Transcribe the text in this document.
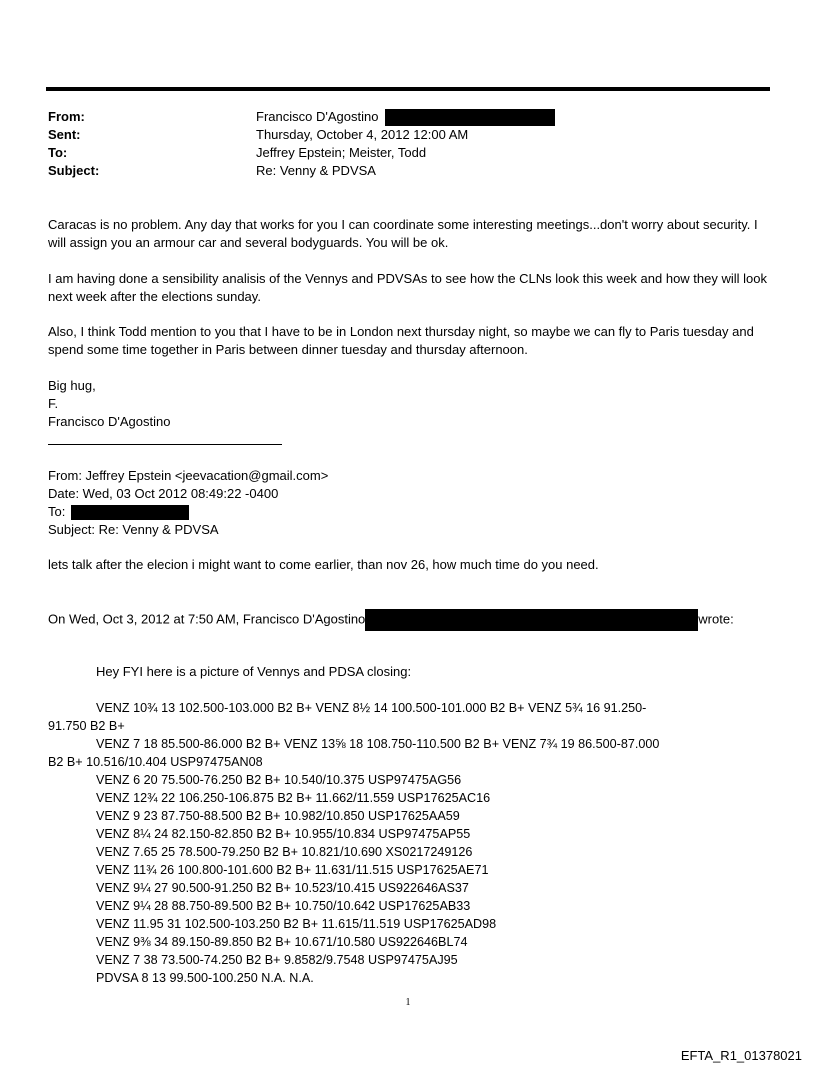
From:	Francisco D'Agostino
Sent:	Thursday, October 4, 2012 12:00 AM
To:	Jeffrey Epstein; Meister, Todd
Subject:	Re: Venny & PDVSA
Caracas is no problem. Any day that works for you I can coordinate some interesting meetings...don't worry about security. I will assign you an armour car and several bodyguards. You will be ok.
I am having done a sensibility analisis of the Vennys and PDVSAs to see how the CLNs look this week and how they will look next week after the elections sunday.
Also, I think Todd mention to you that I have to be in London next thursday night, so maybe we can fly to Paris tuesday and spend some time together in Paris between dinner tuesday and thursday afternoon.
Big hug,
F.
Francisco D'Agostino
From: Jeffrey Epstein <jeevacation@gmail.com>
Date: Wed, 03 Oct 2012 08:49:22 -0400
To:
Subject: Re: Venny & PDVSA
lets talk after the elecion i might want to come earlier, than nov 26, how much time do you need.
On Wed, Oct 3, 2012 at 7:50 AM, Francisco D'Agostino	wrote:
Hey FYI here is a picture of Vennys and PDSA closing:
VENZ 10¾ 13 102.500-103.000 B2 B+ VENZ 8½ 14 100.500-101.000 B2 B+ VENZ 5¾ 16 91.250-
91.750 B2 B+
VENZ 7 18 85.500-86.000 B2 B+ VENZ 13⅝ 18 108.750-110.500 B2 B+ VENZ 7¾ 19 86.500-87.000
B2 B+ 10.516/10.404 USP97475AN08
VENZ 6 20 75.500-76.250 B2 B+ 10.540/10.375 USP97475AG56
VENZ 12¾ 22 106.250-106.875 B2 B+ 11.662/11.559 USP17625AC16
VENZ 9 23 87.750-88.500 B2 B+ 10.982/10.850 USP17625AA59
VENZ 8¼ 24 82.150-82.850 B2 B+ 10.955/10.834 USP97475AP55
VENZ 7.65 25 78.500-79.250 B2 B+ 10.821/10.690 XS0217249126
VENZ 11¾ 26 100.800-101.600 B2 B+ 11.631/11.515 USP17625AE71
VENZ 9¼ 27 90.500-91.250 B2 B+ 10.523/10.415 US922646AS37
VENZ 9¼ 28 88.750-89.500 B2 B+ 10.750/10.642 USP17625AB33
VENZ 11.95 31 102.500-103.250 B2 B+ 11.615/11.519 USP17625AD98
VENZ 9⅜ 34 89.150-89.850 B2 B+ 10.671/10.580 US922646BL74
VENZ 7 38 73.500-74.250 B2 B+ 9.8582/9.7548 USP97475AJ95
PDVSA 8 13 99.500-100.250 N.A. N.A.
1
EFTA_R1_01378021
